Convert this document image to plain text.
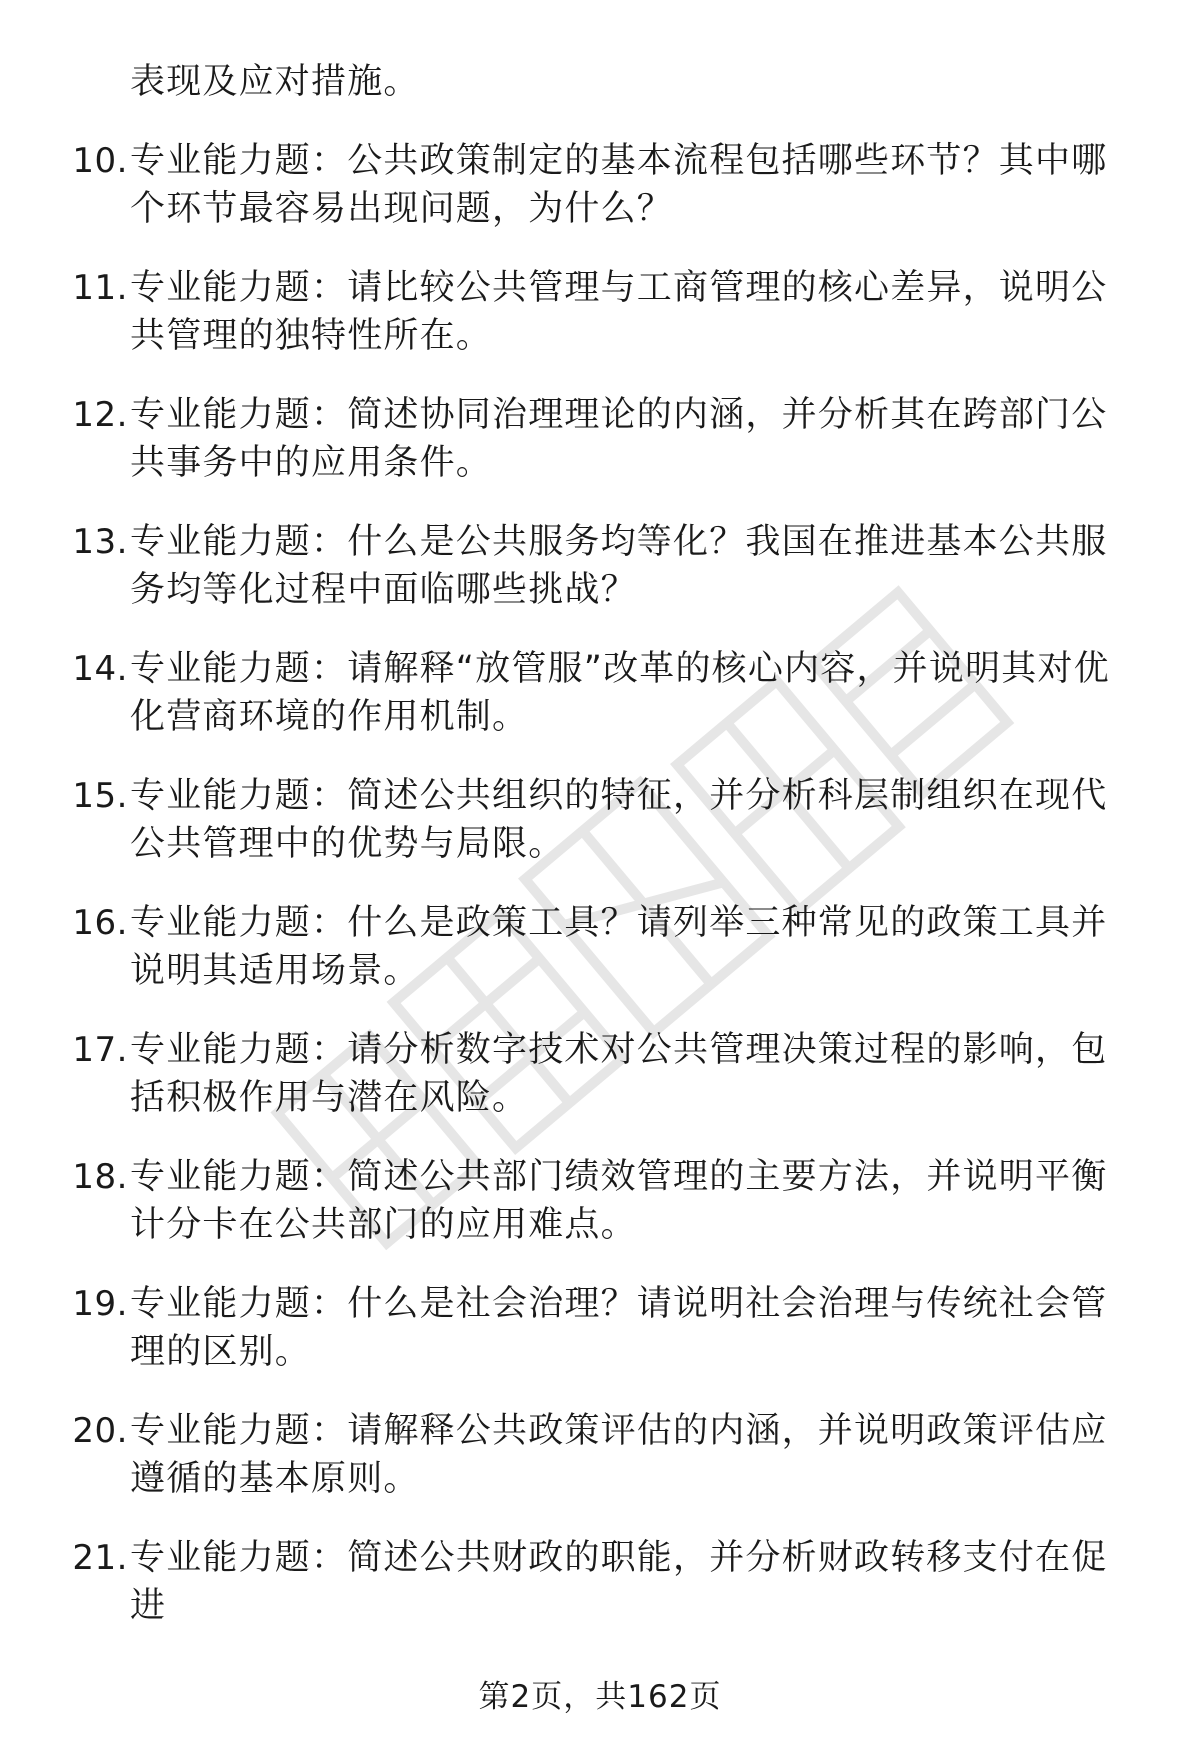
表现及应对措施。
10. 专业能力题：公共政策制定的基本流程包括哪些环节？其中哪个环节最容易出现问题，为什么？
11. 专业能力题：请比较公共管理与工商管理的核心差异，说明公共管理的独特性所在。
12. 专业能力题：简述协同治理理论的内涵，并分析其在跨部门公共事务中的应用条件。
13. 专业能力题：什么是公共服务均等化？我国在推进基本公共服务均等化过程中面临哪些挑战？
14. 专业能力题：请解释“放管服”改革的核心内容，并说明其对优化营商环境的作用机制。
15. 专业能力题：简述公共组织的特征，并分析科层制组织在现代公共管理中的优势与局限。
16. 专业能力题：什么是政策工具？请列举三种常见的政策工具并说明其适用场景。
17. 专业能力题：请分析数字技术对公共管理决策过程的影响，包括积极作用与潜在风险。
18. 专业能力题：简述公共部门绩效管理的主要方法，并说明平衡计分卡在公共部门的应用难点。
19. 专业能力题：什么是社会治理？请说明社会治理与传统社会管理的区别。
20. 专业能力题：请解释公共政策评估的内涵，并说明政策评估应遵循的基本原则。
21. 专业能力题：简述公共财政的职能，并分析财政转移支付在促进
第2页，共162页
